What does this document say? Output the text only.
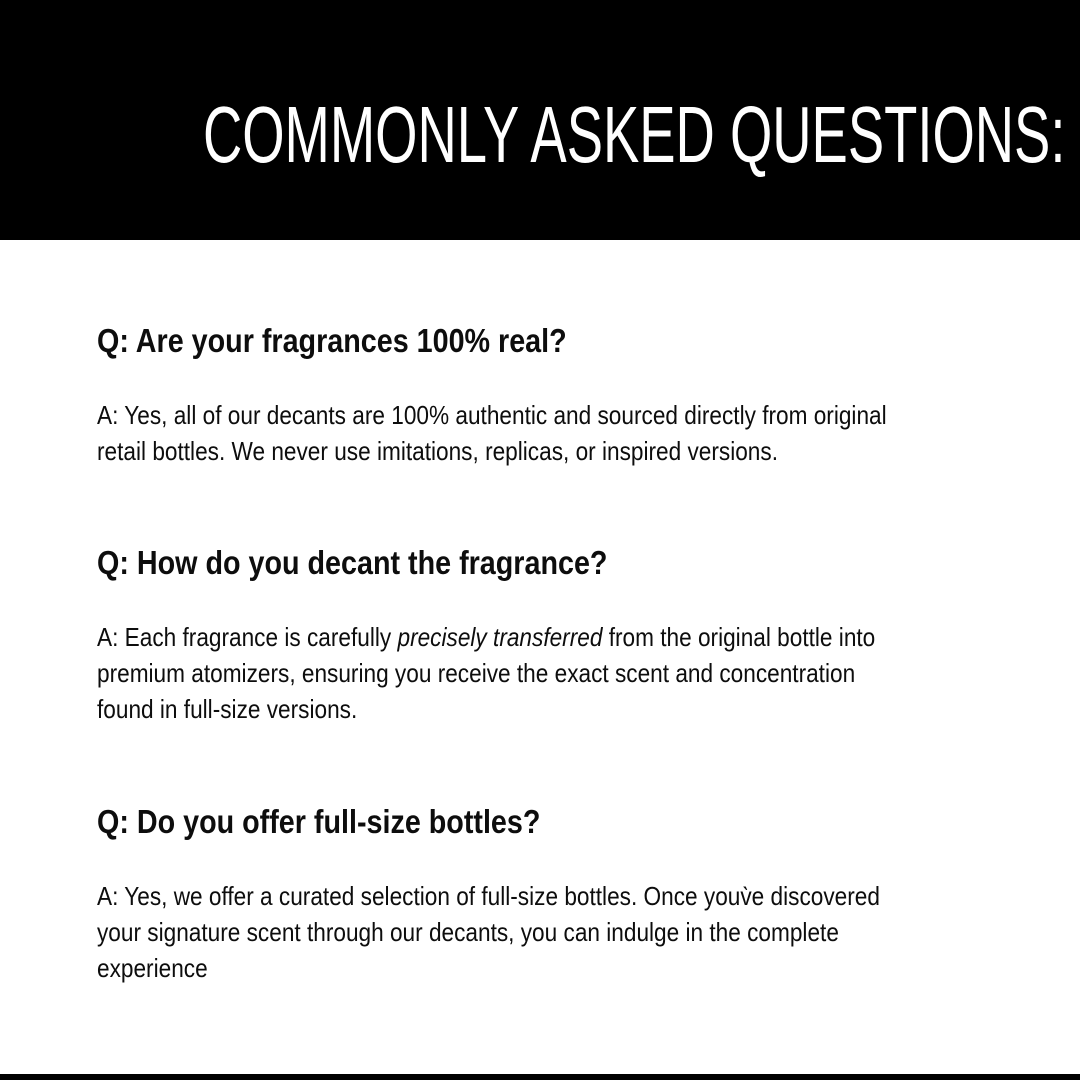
COMMONLY ASKED QUESTIONS:
Q: Are your fragrances 100% real?
A: Yes, all of our decants are 100% authentic and sourced directly from original
retail bottles. We never use imitations, replicas, or inspired versions.
Q: How do you decant the fragrance?
A: Each fragrance is carefully precisely transferred from the original bottle into
premium atomizers, ensuring you receive the exact scent and concentration
found in full-size versions.
Q: Do you offer full-size bottles?
A: Yes, we offer a curated selection of full-size bottles. Once youv̀e discovered
your signature scent through our decants, you can indulge in the complete
experience
